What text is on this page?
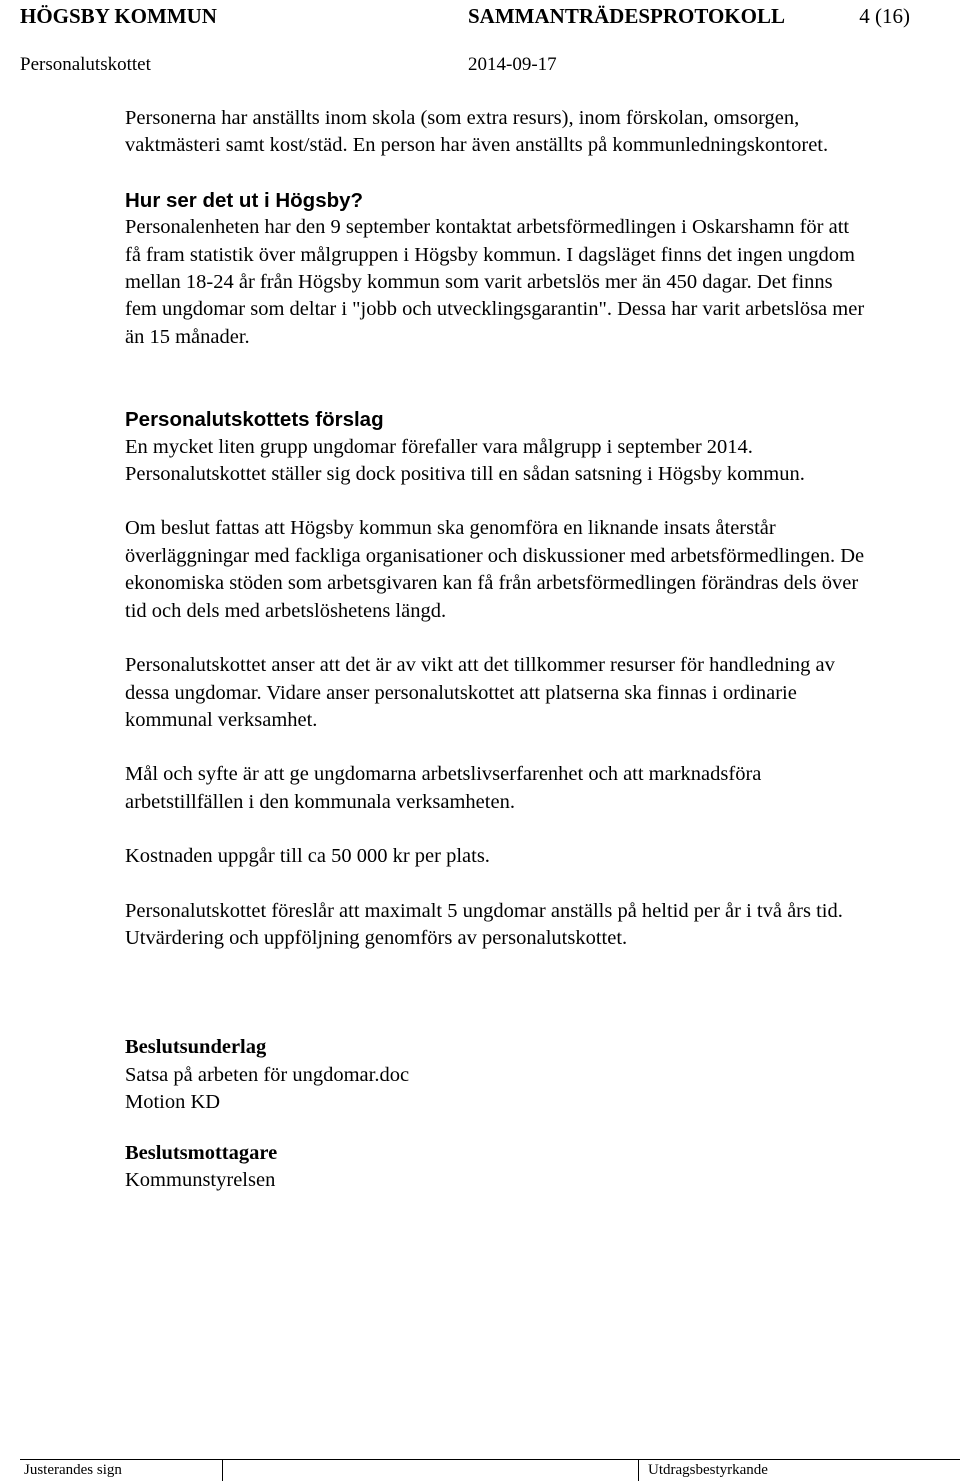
HÖGSBY KOMMUN	SAMMANTRÄDESPROTOKOLL	4 (16)
Personalutskottet	2014-09-17

Personerna har anställts inom skola (som extra resurs), inom förskolan, omsorgen, vaktmästeri samt kost/städ. En person har även anställts på kommunledningskontoret.

Hur ser det ut i Högsby?

Personalenheten har den 9 september kontaktat arbetsförmedlingen i Oskarshamn för att få fram statistik över målgruppen i Högsby kommun. I dagsläget finns det ingen ungdom mellan 18-24 år från Högsby kommun som varit arbetslös mer än 450 dagar. Det finns fem ungdomar som deltar i "jobb och utvecklingsgarantin". Dessa har varit arbetslösa mer än 15 månader.

Personalutskottets förslag

En mycket liten grupp ungdomar förefaller vara målgrupp i september 2014. Personalutskottet ställer sig dock positiva till en sådan satsning i Högsby kommun.

Om beslut fattas att Högsby kommun ska genomföra en liknande insats återstår överläggningar med fackliga organisationer och diskussioner med arbetsförmedlingen. De ekonomiska stöden som arbetsgivaren kan få från arbetsförmedlingen förändras dels över tid och dels med arbetslöshetens längd.

Personalutskottet anser att det är av vikt att det tillkommer resurser för handledning av dessa ungdomar. Vidare anser personalutskottet att platserna ska finnas i ordinarie kommunal verksamhet.

Mål och syfte är att ge ungdomarna arbetslivserfarenhet och att marknadsföra arbetstillfällen i den kommunala verksamheten.

Kostnaden uppgår till ca 50 000 kr per plats.

Personalutskottet föreslår att maximalt 5 ungdomar anställs på heltid per år i två års tid. Utvärdering och uppföljning genomförs av personalutskottet.

Beslutsunderlag

Satsa på arbeten för ungdomar.doc

Motion KD

Beslutsmottagare

Kommunstyrelsen

Justerandes sign	Utdragsbestyrkande
